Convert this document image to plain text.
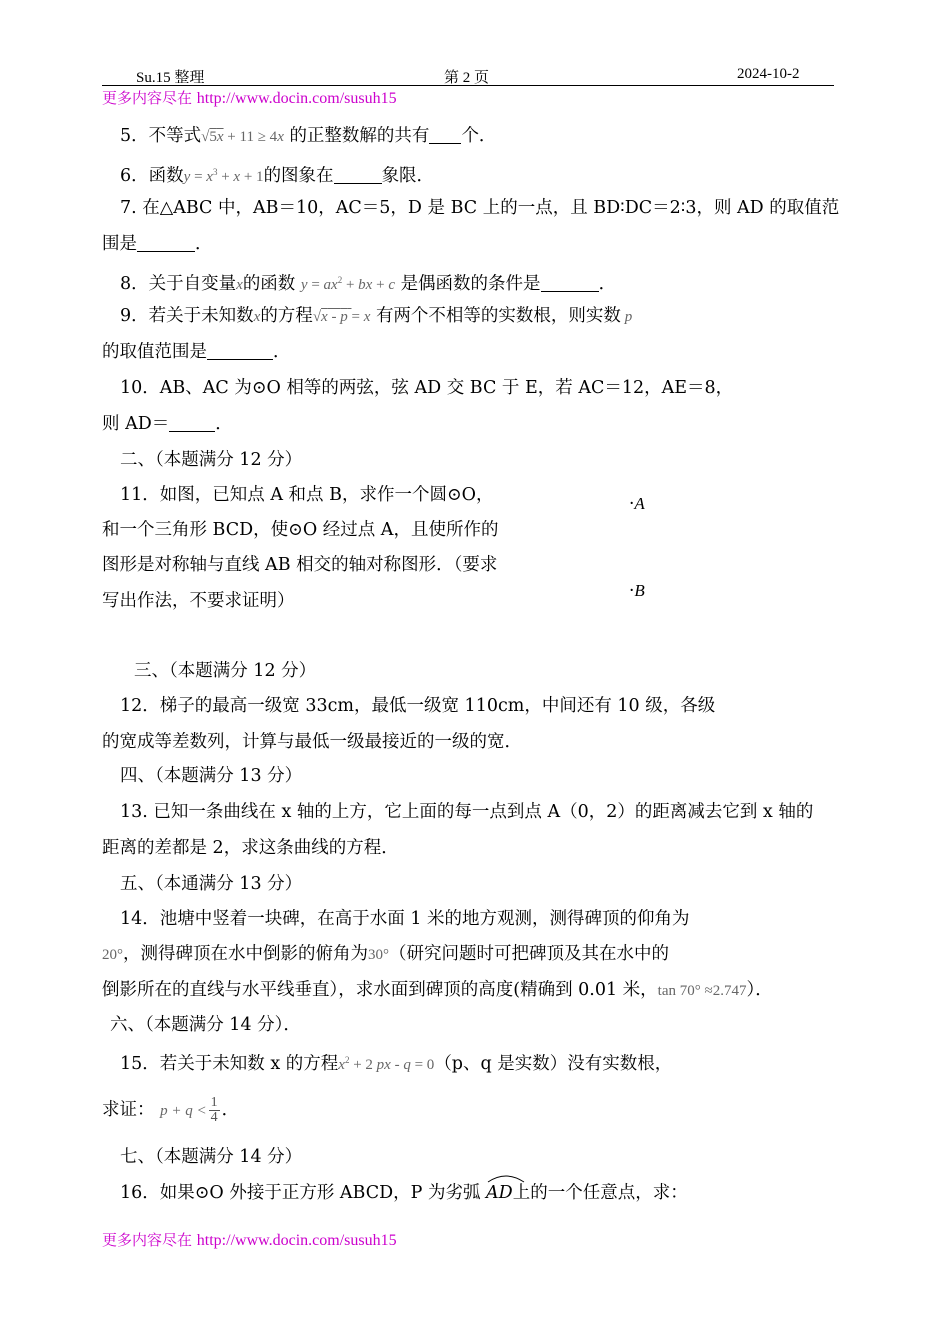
Su.15 整理	第 2 页	2024-10-2
更多内容尽在 http://www.docin.com/susuh15
5．不等式√5x + 11 ≥ 4x 的正整数解的共有 个．
6．函数$y = x^3 + x + 1$的图象在	象限．
7. 在△ABC 中，AB＝10，AC＝5，D 是 BC 上的一点，且 BD∶DC＝2∶3，则 AD 的取值范
围是	．
8．关于自变量x的函数 $y = ax^2$ + bx + c 是偶函数的条件是	．
9．若关于未知数x的方程√x - p = x 有两个不相等的实数根，则实数 p
的取值范围是	．
10．AB、AC 为⊙O 相等的两弦，弦 AD 交 BC 于 E，若 AC＝12，AE＝8，
则 AD＝	．
二、（本题满分 12 分）
11．如图，已知点 A 和点 B，求作一个圆⊙O，
和一个三角形 BCD，使⊙O 经过点 A，且使所作的
图形是对称轴与直线 AB 相交的轴对称图形．（要求
写出作法，不要求证明）
·A
·B
三、（本题满分 12 分）
12．梯子的最高一级宽 33cm，最低一级宽 110cm，中间还有 10 级，各级
的宽成等差数列，计算与最低一级最接近的一级的宽．
四、（本题满分 13 分）
13. 已知一条曲线在 x 轴的上方，它上面的每一点到点 A（0，2）的距离减去它到 x 轴的
距离的差都是 2，求这条曲线的方程．
五、（本通满分 13 分）
14．池塘中竖着一块碑，在高于水面 1 米的地方观测，测得碑顶的仰角为
20°，测得碑顶在水中倒影的俯角为30°（研究问题时可把碑顶及其在水中的
倒影所在的直线与水平线垂直），求水面到碑顶的高度(精确到 0.01 米，tan 70° ≈2.747）．
六、（本题满分 14 分）．
15．若关于未知数 x 的方程$x^2 + 2$ px - q = 0（p、q 是实数）没有实数根，
求证： $p + q < \frac{1}{4}$ ．
七、（本题满分 14 分）
16．如果⊙O 外接于正方形 ABCD，P 为劣弧
AD上的一个任意点，求：
更多内容尽在 http://www.docin.com/susuh15
